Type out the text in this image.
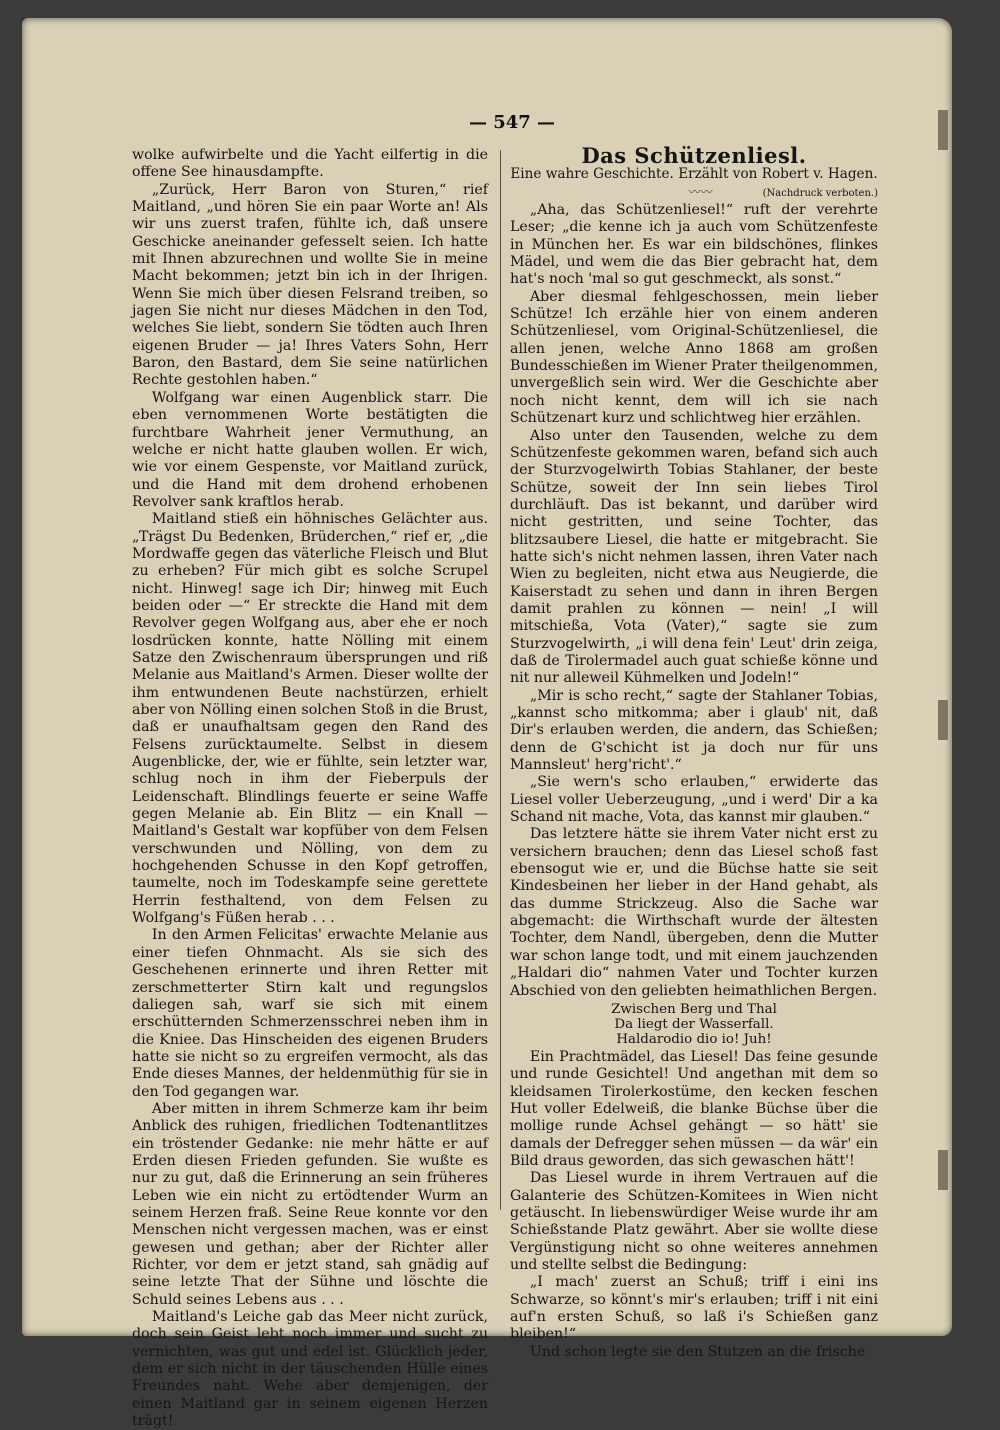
— 547 —

wolke aufwirbelte und die Yacht eilfertig in die offene See hinausdampfte.

„Zurück, Herr Baron von Sturen,“ rief Maitland, „und hören Sie ein paar Worte an! Als wir uns zuerst trafen, fühlte ich, daß unsere Geschicke aneinander gefesselt seien. Ich hatte mit Ihnen abzurechnen und wollte Sie in meine Macht bekommen; jetzt bin ich in der Ihrigen. Wenn Sie mich über diesen Felsrand treiben, so jagen Sie nicht nur dieses Mädchen in den Tod, welches Sie liebt, sondern Sie tödten auch Ihren eigenen Bruder — ja! Ihres Vaters Sohn, Herr Baron, den Bastard, dem Sie seine natürlichen Rechte gestohlen haben.“

Wolfgang war einen Augenblick starr. Die eben vernommenen Worte bestätigten die furchtbare Wahrheit jener Vermuthung, an welche er nicht hatte glauben wollen. Er wich, wie vor einem Gespenste, vor Maitland zurück, und die Hand mit dem drohend erhobenen Revolver sank kraftlos herab.

Maitland stieß ein höhnisches Gelächter aus. „Trägst Du Bedenken, Brüderchen,“ rief er, „die Mordwaffe gegen das väterliche Fleisch und Blut zu erheben? Für mich gibt es solche Scrupel nicht. Hinweg! sage ich Dir; hinweg mit Euch beiden oder —“ Er streckte die Hand mit dem Revolver gegen Wolfgang aus, aber ehe er noch losdrücken konnte, hatte Nölling mit einem Satze den Zwischenraum übersprungen und riß Melanie aus Maitland's Armen. Dieser wollte der ihm entwundenen Beute nachstürzen, erhielt aber von Nölling einen solchen Stoß in die Brust, daß er unaufhaltsam gegen den Rand des Felsens zurücktaumelte. Selbst in diesem Augenblicke, der, wie er fühlte, sein letzter war, schlug noch in ihm der Fieberpuls der Leidenschaft. Blindlings feuerte er seine Waffe gegen Melanie ab. Ein Blitz — ein Knall — Maitland's Gestalt war kopfüber von dem Felsen verschwunden und Nölling, von dem zu hochgehenden Schusse in den Kopf getroffen, taumelte, noch im Todeskampfe seine gerettete Herrin festhaltend, von dem Felsen zu Wolfgang's Füßen herab . . .

In den Armen Felicitas' erwachte Melanie aus einer tiefen Ohnmacht. Als sie sich des Geschehenen erinnerte und ihren Retter mit zerschmetterter Stirn kalt und regungslos daliegen sah, warf sie sich mit einem erschütternden Schmerzensschrei neben ihm in die Kniee. Das Hinscheiden des eigenen Bruders hatte sie nicht so zu ergreifen vermocht, als das Ende dieses Mannes, der heldenmüthig für sie in den Tod gegangen war.

Aber mitten in ihrem Schmerze kam ihr beim Anblick des ruhigen, friedlichen Todtenantlitzes ein tröstender Gedanke: nie mehr hätte er auf Erden diesen Frieden gefunden. Sie wußte es nur zu gut, daß die Erinnerung an sein früheres Leben wie ein nicht zu ertödtender Wurm an seinem Herzen fraß. Seine Reue konnte vor den Menschen nicht vergessen machen, was er einst gewesen und gethan; aber der Richter aller Richter, vor dem er jetzt stand, sah gnädig auf seine letzte That der Sühne und löschte die Schuld seines Lebens aus . . .

Maitland's Leiche gab das Meer nicht zurück, doch sein Geist lebt noch immer und sucht zu vernichten, was gut und edel ist. Glücklich jeder, dem er sich nicht in der täuschenden Hülle eines Freundes naht. Wehe aber demjenigen, der einen Maitland gar in seinem eigenen Herzen trägt!

Das Schützenliesl.

Eine wahre Geschichte. Erzählt von Robert v. Hagen.

〰〰	(Nachdruck verboten.)

„Aha, das Schützenliesel!“ ruft der verehrte Leser; „die kenne ich ja auch vom Schützenfeste in München her. Es war ein bildschönes, flinkes Mädel, und wem die das Bier gebracht hat, dem hat's noch 'mal so gut geschmeckt, als sonst.“

Aber diesmal fehlgeschossen, mein lieber Schütze! Ich erzähle hier von einem anderen Schützenliesel, vom Original-Schützenliesel, die allen jenen, welche Anno 1868 am großen Bundesschießen im Wiener Prater theilgenommen, unvergeßlich sein wird. Wer die Geschichte aber noch nicht kennt, dem will ich sie nach Schützenart kurz und schlichtweg hier erzählen.

Also unter den Tausenden, welche zu dem Schützenfeste gekommen waren, befand sich auch der Sturzvogelwirth Tobias Stahlaner, der beste Schütze, soweit der Inn sein liebes Tirol durchläuft. Das ist bekannt, und darüber wird nicht gestritten, und seine Tochter, das blitzsaubere Liesel, die hatte er mitgebracht. Sie hatte sich's nicht nehmen lassen, ihren Vater nach Wien zu begleiten, nicht etwa aus Neugierde, die Kaiserstadt zu sehen und dann in ihren Bergen damit prahlen zu können — nein! „I will mitschießa, Vota (Vater),“ sagte sie zum Sturzvogelwirth, „i will dena fein' Leut' drin zeiga, daß de Tirolermadel auch guat schieße könne und nit nur alleweil Kühmelken und Jodeln!“

„Mir is scho recht,“ sagte der Stahlaner Tobias, „kannst scho mitkomma; aber i glaub' nit, daß Dir's erlauben werden, die andern, das Schießen; denn de G'schicht ist ja doch nur für uns Mannsleut' herg'richt'.“

„Sie wern's scho erlauben,“ erwiderte das Liesel voller Ueberzeugung, „und i werd' Dir a ka Schand nit mache, Vota, das kannst mir glauben.“

Das letztere hätte sie ihrem Vater nicht erst zu versichern brauchen; denn das Liesel schoß fast ebensogut wie er, und die Büchse hatte sie seit Kindesbeinen her lieber in der Hand gehabt, als das dumme Strickzeug. Also die Sache war abgemacht: die Wirthschaft wurde der ältesten Tochter, dem Nandl, übergeben, denn die Mutter war schon lange todt, und mit einem jauchzenden „Haldari dio“ nahmen Vater und Tochter kurzen Abschied von den geliebten heimathlichen Bergen.

Zwischen Berg und Thal
Da liegt der Wasserfall.
Haldarodio dio io! Juh!

Ein Prachtmädel, das Liesel! Das feine gesunde und runde Gesichtel! Und angethan mit dem so kleidsamen Tirolerkostüme, den kecken feschen Hut voller Edelweiß, die blanke Büchse über die mollige runde Achsel gehängt — so hätt' sie damals der Defregger sehen müssen — da wär' ein Bild draus geworden, das sich gewaschen hätt'!

Das Liesel wurde in ihrem Vertrauen auf die Galanterie des Schützen-Komitees in Wien nicht getäuscht. In liebenswürdiger Weise wurde ihr am Schießstande Platz gewährt. Aber sie wollte diese Vergünstigung nicht so ohne weiteres annehmen und stellte selbst die Bedingung:

„I mach' zuerst an Schuß; triff i eini ins Schwarze, so könnt's mir's erlauben; triff i nit eini auf'n ersten Schuß, so laß i's Schießen ganz bleiben!“

Und schon legte sie den Stutzen an die frische
